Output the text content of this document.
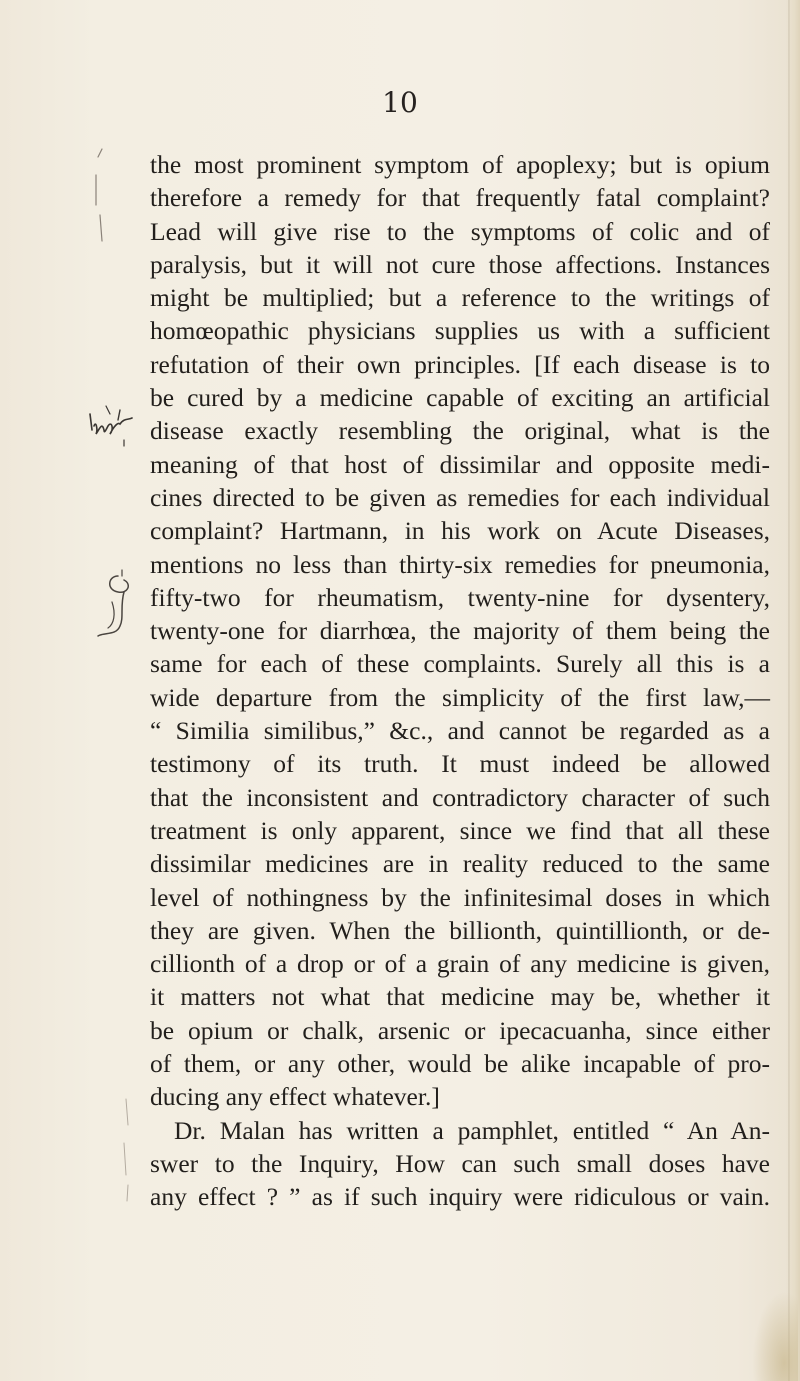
10

the most prominent symptom of apoplexy; but is opium
therefore a remedy for that frequently fatal complaint?
Lead will give rise to the symptoms of colic and of
paralysis, but it will not cure those affections. Instances
might be multiplied; but a reference to the writings of
homœopathic physicians supplies us with a sufficient
refutation of their own principles. [If each disease is to
be cured by a medicine capable of exciting an artificial
disease exactly resembling the original, what is the
meaning of that host of dissimilar and opposite medi-
cines directed to be given as remedies for each individual
complaint? Hartmann, in his work on Acute Diseases,
mentions no less than thirty-six remedies for pneumonia,
fifty-two for rheumatism, twenty-nine for dysentery,
twenty-one for diarrhœa, the majority of them being the
same for each of these complaints. Surely all this is a
wide departure from the simplicity of the first law,—
“ Similia similibus,” &c., and cannot be regarded as a
testimony of its truth. It must indeed be allowed
that the inconsistent and contradictory character of such
treatment is only apparent, since we find that all these
dissimilar medicines are in reality reduced to the same
level of nothingness by the infinitesimal doses in which
they are given. When the billionth, quintillionth, or de-
cillionth of a drop or of a grain of any medicine is given,
it matters not what that medicine may be, whether it
be opium or chalk, arsenic or ipecacuanha, since either
of them, or any other, would be alike incapable of pro-
ducing any effect whatever.]
Dr. Malan has written a pamphlet, entitled “ An An-
swer to the Inquiry, How can such small doses have
any effect ? ” as if such inquiry were ridiculous or vain.
